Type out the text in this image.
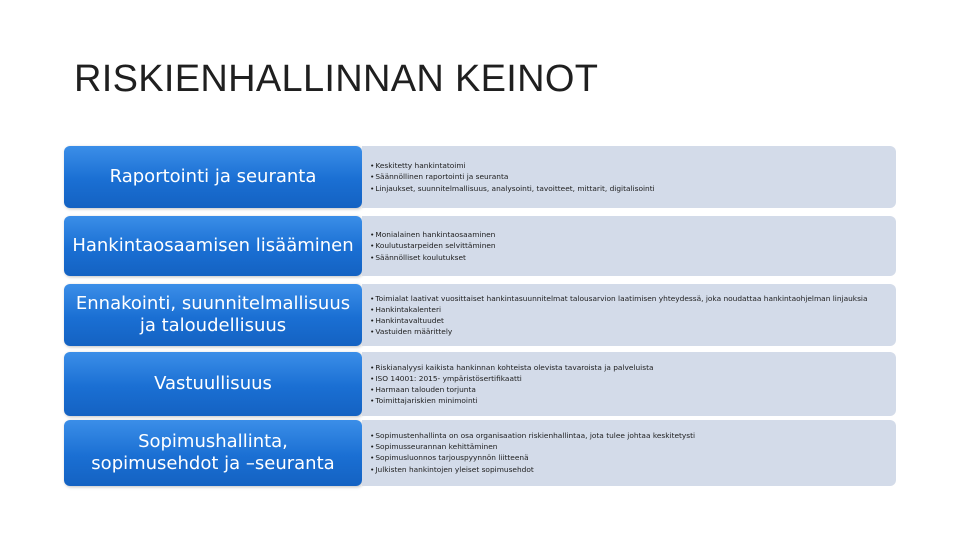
RISKIENHALLINNAN KEINOT
Raportointi ja seuranta
• Keskitetty hankintatoimi
• Säännöllinen raportointi ja seuranta
• Linjaukset, suunnitelmallisuus, analysointi, tavoitteet, mittarit, digitalisointi
Hankintaosaamisen lisääminen
• Monialainen hankintaosaaminen
• Koulutustarpeiden selvittäminen
• Säännölliset koulutukset
Ennakointi, suunnitelmallisuus
ja taloudellisuus
• Toimialat laativat vuosittaiset hankintasuunnitelmat talousarvion laatimisen yhteydessä, joka noudattaa hankintaohjelman linjauksia
• Hankintakalenteri
• Hankintavaltuudet
• Vastuiden määrittely
Vastuullisuus
• Riskianalyysi kaikista hankinnan kohteista olevista tavaroista ja palveluista
• ISO 14001: 2015- ympäristösertifikaatti
• Harmaan talouden torjunta
• Toimittajariskien minimointi
Sopimushallinta,
sopimusehdot ja –seuranta
• Sopimustenhallinta on osa organisaation riskienhallintaa, jota tulee johtaa keskitetysti
• Sopimusseurannan kehittäminen
• Sopimusluonnos tarjouspyynnön liitteenä
• Julkisten hankintojen yleiset sopimusehdot
